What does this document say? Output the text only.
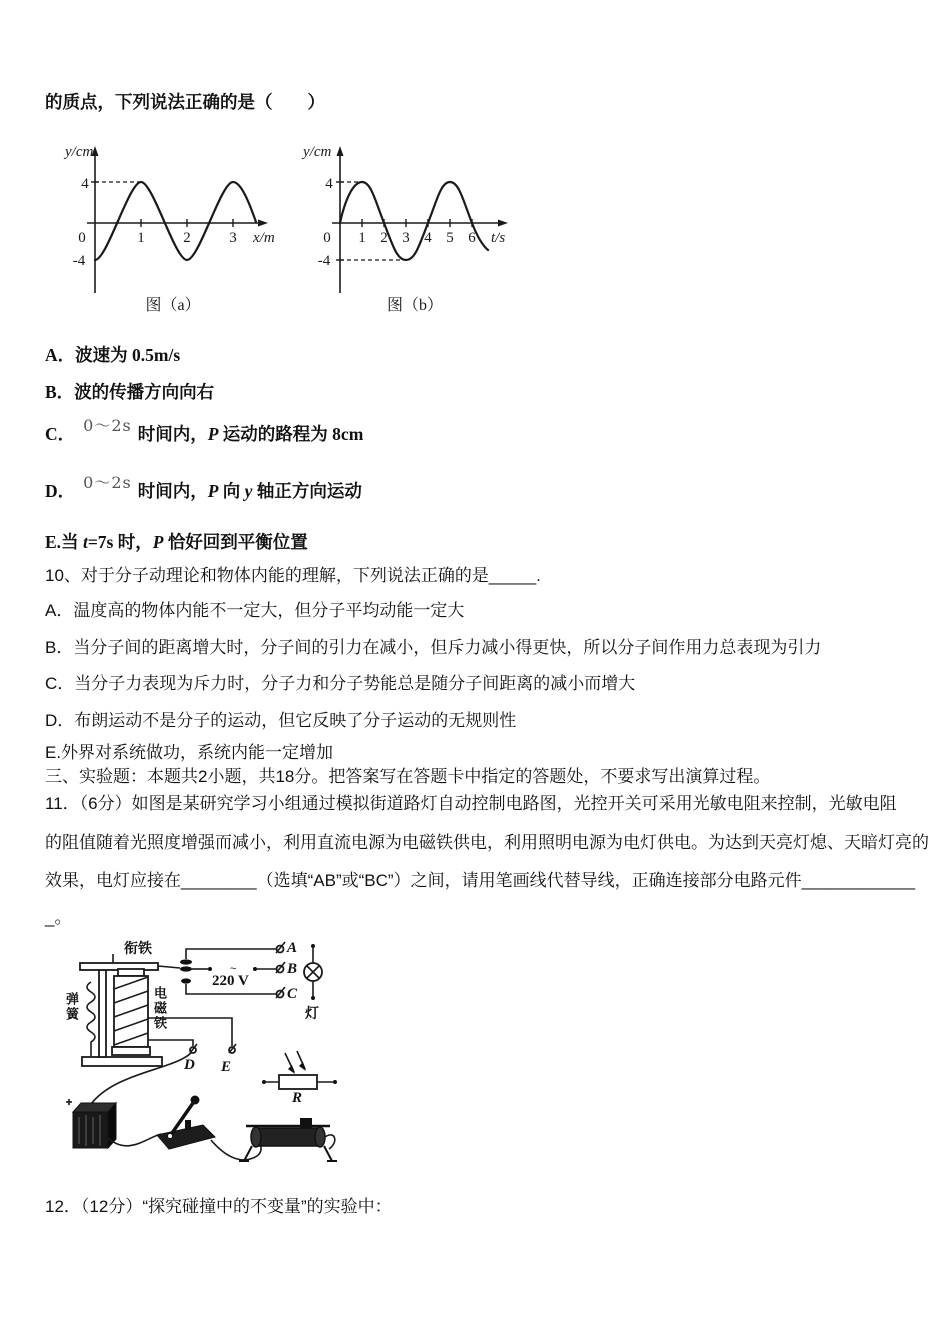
的质点，下列说法正确的是（　　）
y/cm
4
0
-4
1	2	3 x/m
图（a）
y/cm
4
0
-4
1 2 3 4 5 6 t/s
图（b）
A．波速为 0.5m/s
B．波的传播方向向右
C． 0～2s 时间内，P 运动的路程为 8cm
D． 0～2s 时间内，P 向 y 轴正方向运动
E.当 t=7s 时，P 恰好回到平衡位置
10、对于分子动理论和物体内能的理解，下列说法正确的是_____.
A．温度高的物体内能不一定大，但分子平均动能一定大
B．当分子间的距离增大时，分子间的引力在减小，但斥力减小得更快，所以分子间作用力总表现为引力
C．当分子力表现为斥力时，分子力和分子势能总是随分子间距离的减小而增大
D．布朗运动不是分子的运动，但它反映了分子运动的无规则性
E.外界对系统做功，系统内能一定增加
三、实验题：本题共2小题，共18分。把答案写在答题卡中指定的答题处，不要求写出演算过程。
11．（6分）如图是某研究学习小组通过模拟街道路灯自动控制电路图，光控开关可采用光敏电阻来控制，光敏电阻
的阻值随着光照度增强而减小，利用直流电源为电磁铁供电，利用照明电源为电灯供电。为达到天亮灯熄、天暗灯亮的
效果，电灯应接在________（选填“AB”或“BC”）之间，请用笔画线代替导线，正确连接部分电路元件____________
_。
衔铁
弹簧	电磁铁
220 V
~
A
B
C
D E
灯
R
12．（12分）“探究碰撞中的不变量”的实验中：
